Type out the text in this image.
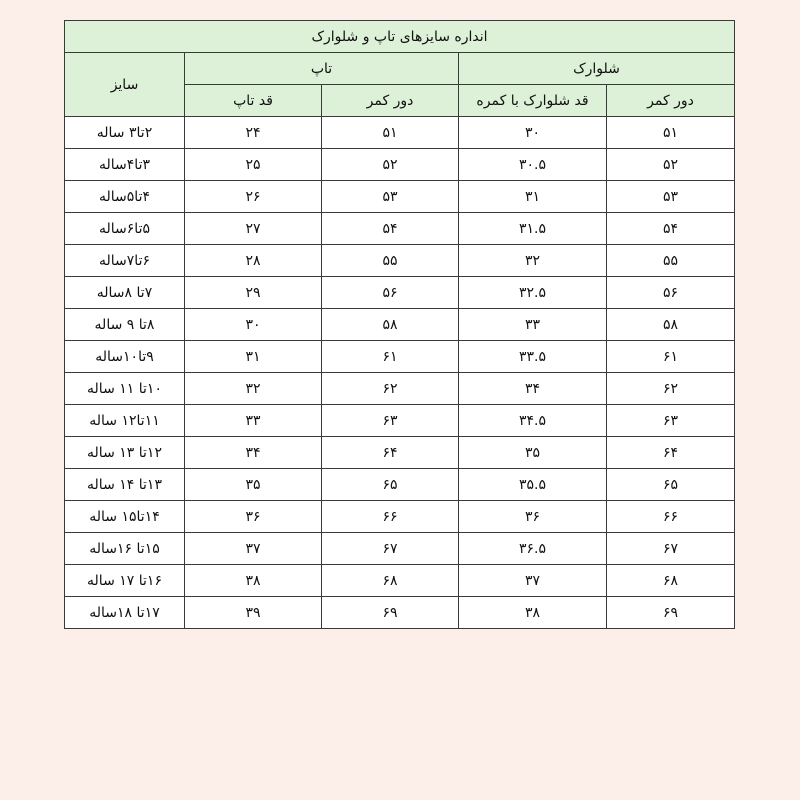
انداره سایزهای تاپ و شلوارک				
شلوارک		تاپ		سایز
دور کمر	قد شلوارک با کمره	دور کمر	قد تاپ	
۵۱	۳۰	۵۱	۲۴	۲تا۳ ساله
۵۲	۳۰.۵	۵۲	۲۵	۳تا۴ساله
۵۳	۳۱	۵۳	۲۶	۴تا۵ساله
۵۴	۳۱.۵	۵۴	۲۷	۵تا۶ساله
۵۵	۳۲	۵۵	۲۸	۶تا۷ساله
۵۶	۳۲.۵	۵۶	۲۹	۷تا ۸ساله
۵۸	۳۳	۵۸	۳۰	۸تا ۹ ساله
۶۱	۳۳.۵	۶۱	۳۱	۹تا۱۰ساله
۶۲	۳۴	۶۲	۳۲	۱۰تا ۱۱ ساله
۶۳	۳۴.۵	۶۳	۳۳	۱۱تا۱۲ ساله
۶۴	۳۵	۶۴	۳۴	۱۲تا ۱۳ ساله
۶۵	۳۵.۵	۶۵	۳۵	۱۳تا ۱۴ ساله
۶۶	۳۶	۶۶	۳۶	۱۴تا۱۵ ساله
۶۷	۳۶.۵	۶۷	۳۷	۱۵تا ۱۶ساله
۶۸	۳۷	۶۸	۳۸	۱۶تا ۱۷ ساله
۶۹	۳۸	۶۹	۳۹	۱۷تا ۱۸ساله
